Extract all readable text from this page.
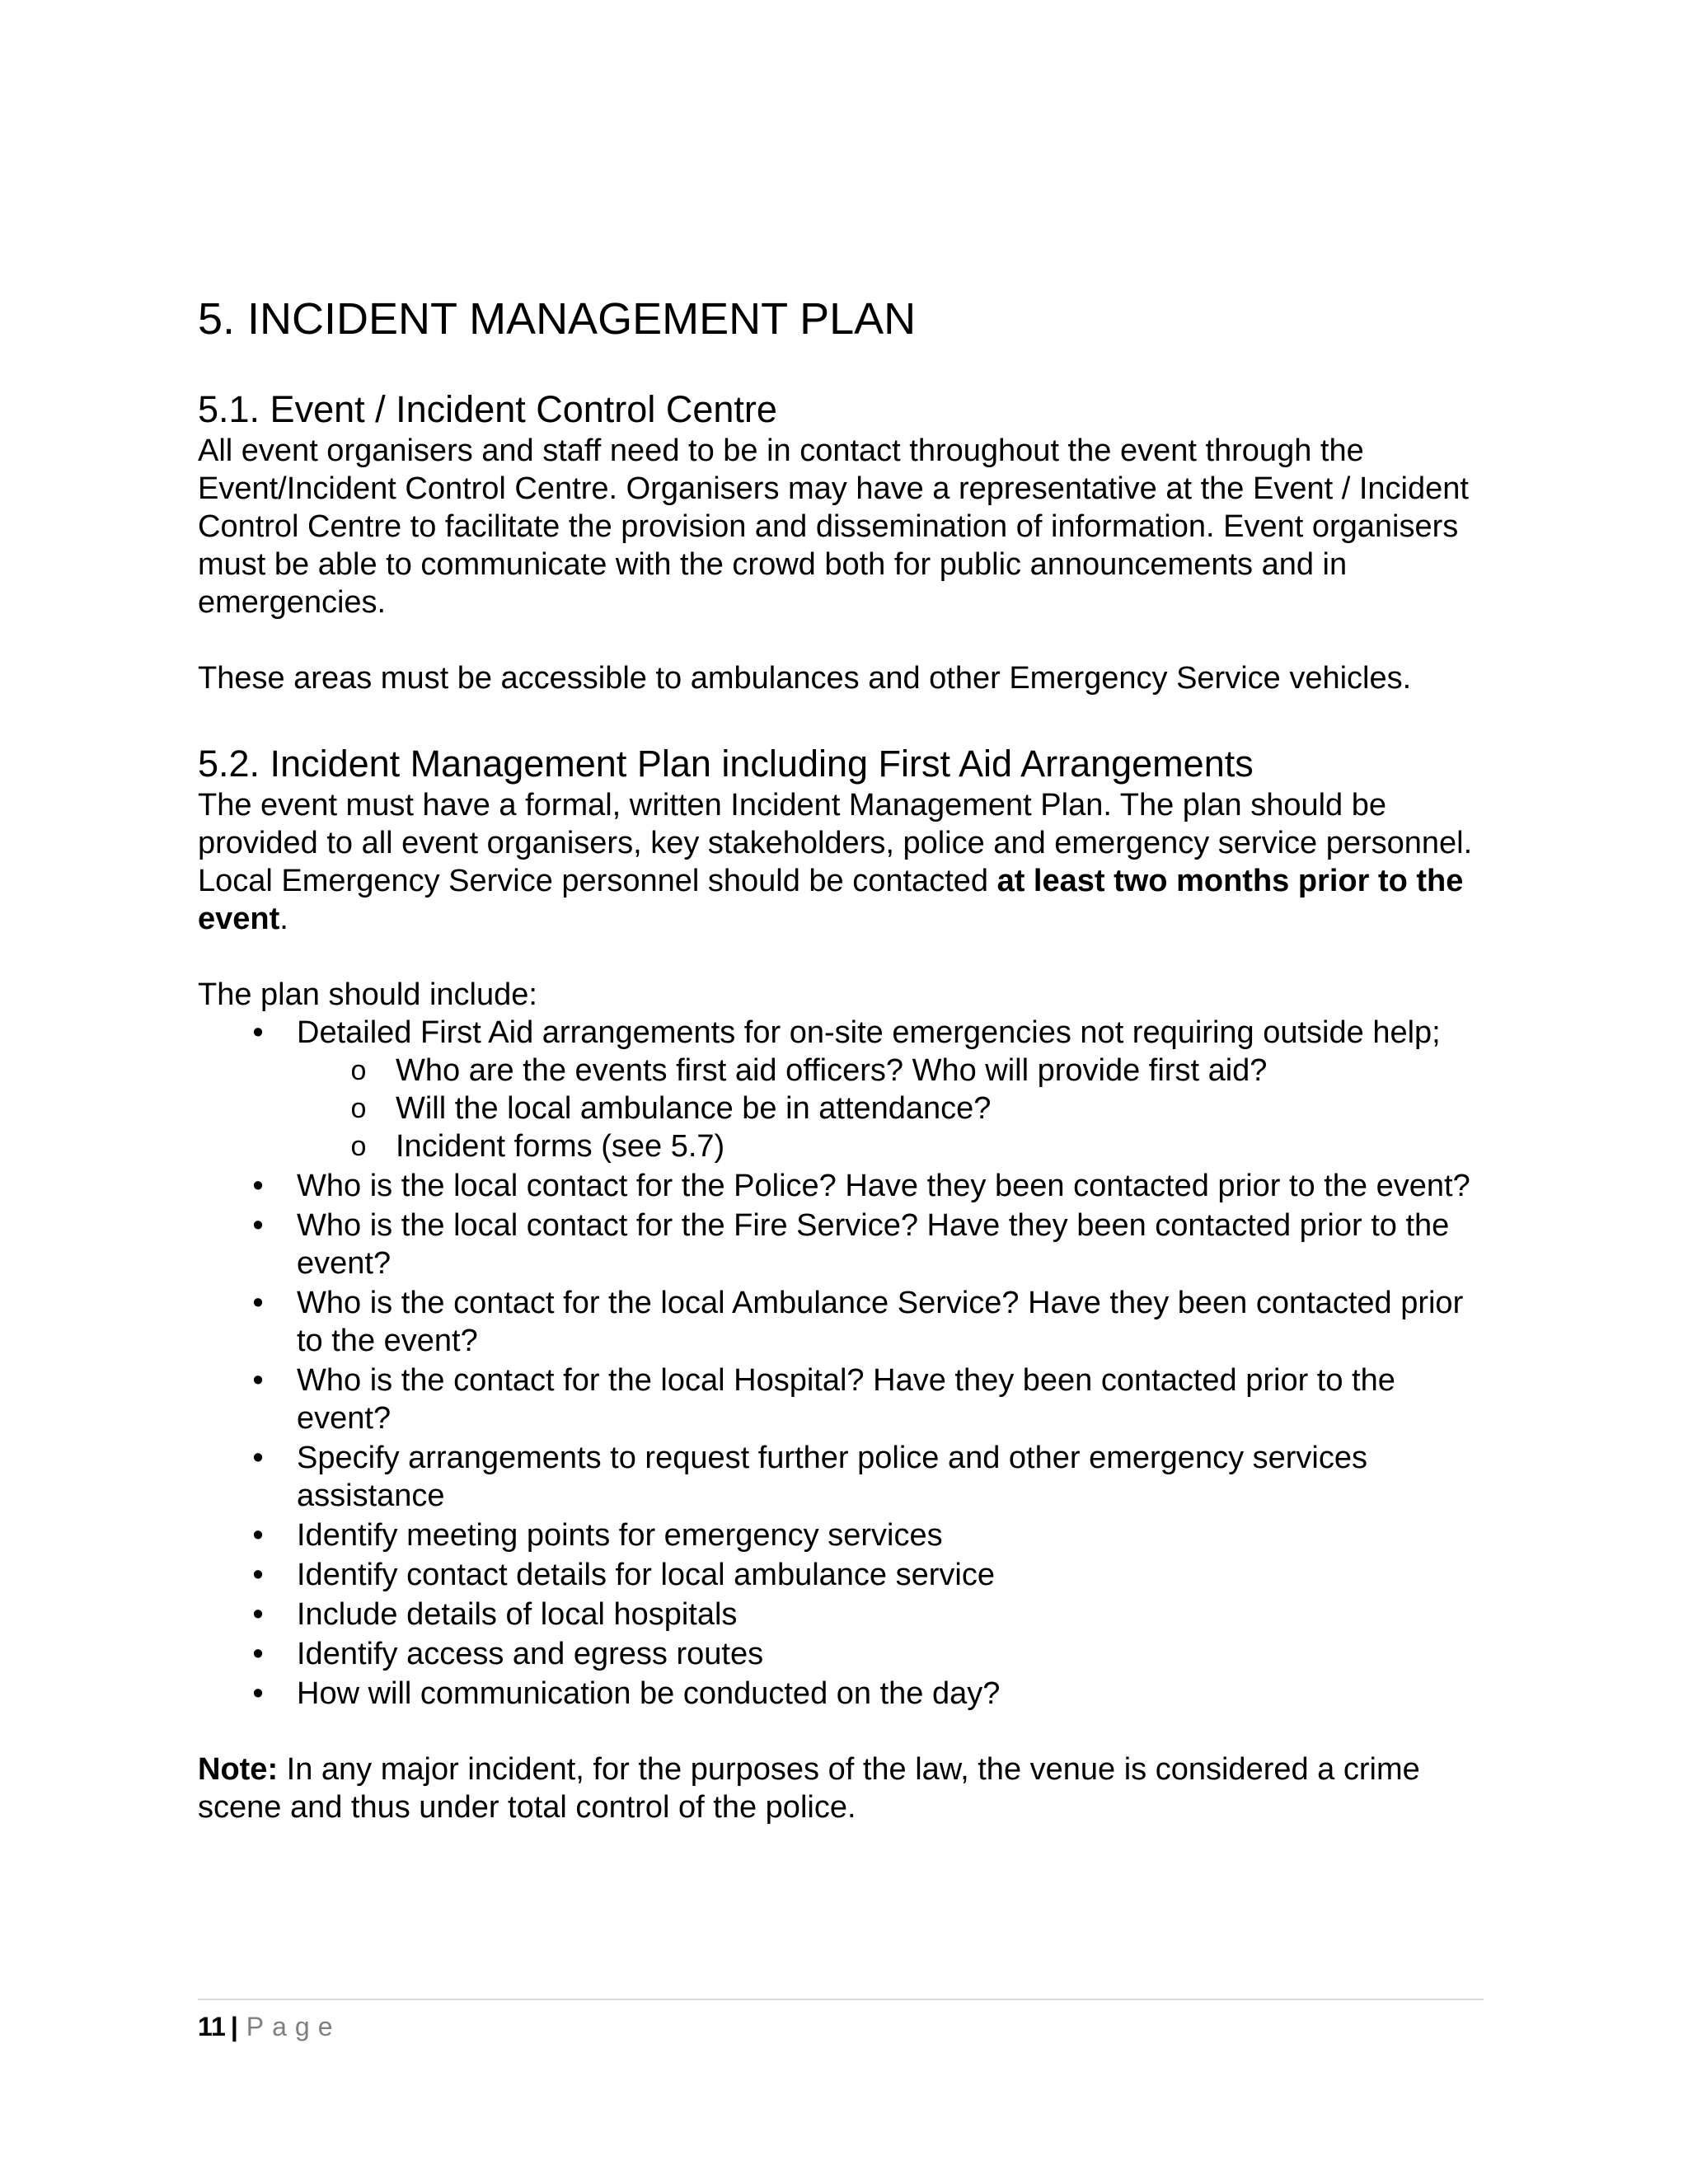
5. INCIDENT MANAGEMENT PLAN
5.1. Event / Incident Control Centre

All event organisers and staff need to be in contact throughout the event through the Event/Incident Control Centre. Organisers may have a representative at the Event / Incident Control Centre to facilitate the provision and dissemination of information. Event organisers must be able to communicate with the crowd both for public announcements and in emergencies.

These areas must be accessible to ambulances and other Emergency Service vehicles.

5.2. Incident Management Plan including First Aid Arrangements

The event must have a formal, written Incident Management Plan. The plan should be provided to all event organisers, key stakeholders, police and emergency service personnel. Local Emergency Service personnel should be contacted at least two months prior to the event.

The plan should include:

• Detailed First Aid arrangements for on-site emergencies not requiring outside help;
o Who are the events first aid officers? Who will provide first aid?
o Will the local ambulance be in attendance?
o Incident forms (see 5.7)
• Who is the local contact for the Police? Have they been contacted prior to the event?
• Who is the local contact for the Fire Service? Have they been contacted prior to the event?
• Who is the contact for the local Ambulance Service? Have they been contacted prior to the event?
• Who is the contact for the local Hospital? Have they been contacted prior to the event?
• Specify arrangements to request further police and other emergency services assistance
• Identify meeting points for emergency services
• Identify contact details for local ambulance service
• Include details of local hospitals
• Identify access and egress routes
• How will communication be conducted on the day?

Note: In any major incident, for the purposes of the law, the venue is considered a crime scene and thus under total control of the police.

11 | Page
